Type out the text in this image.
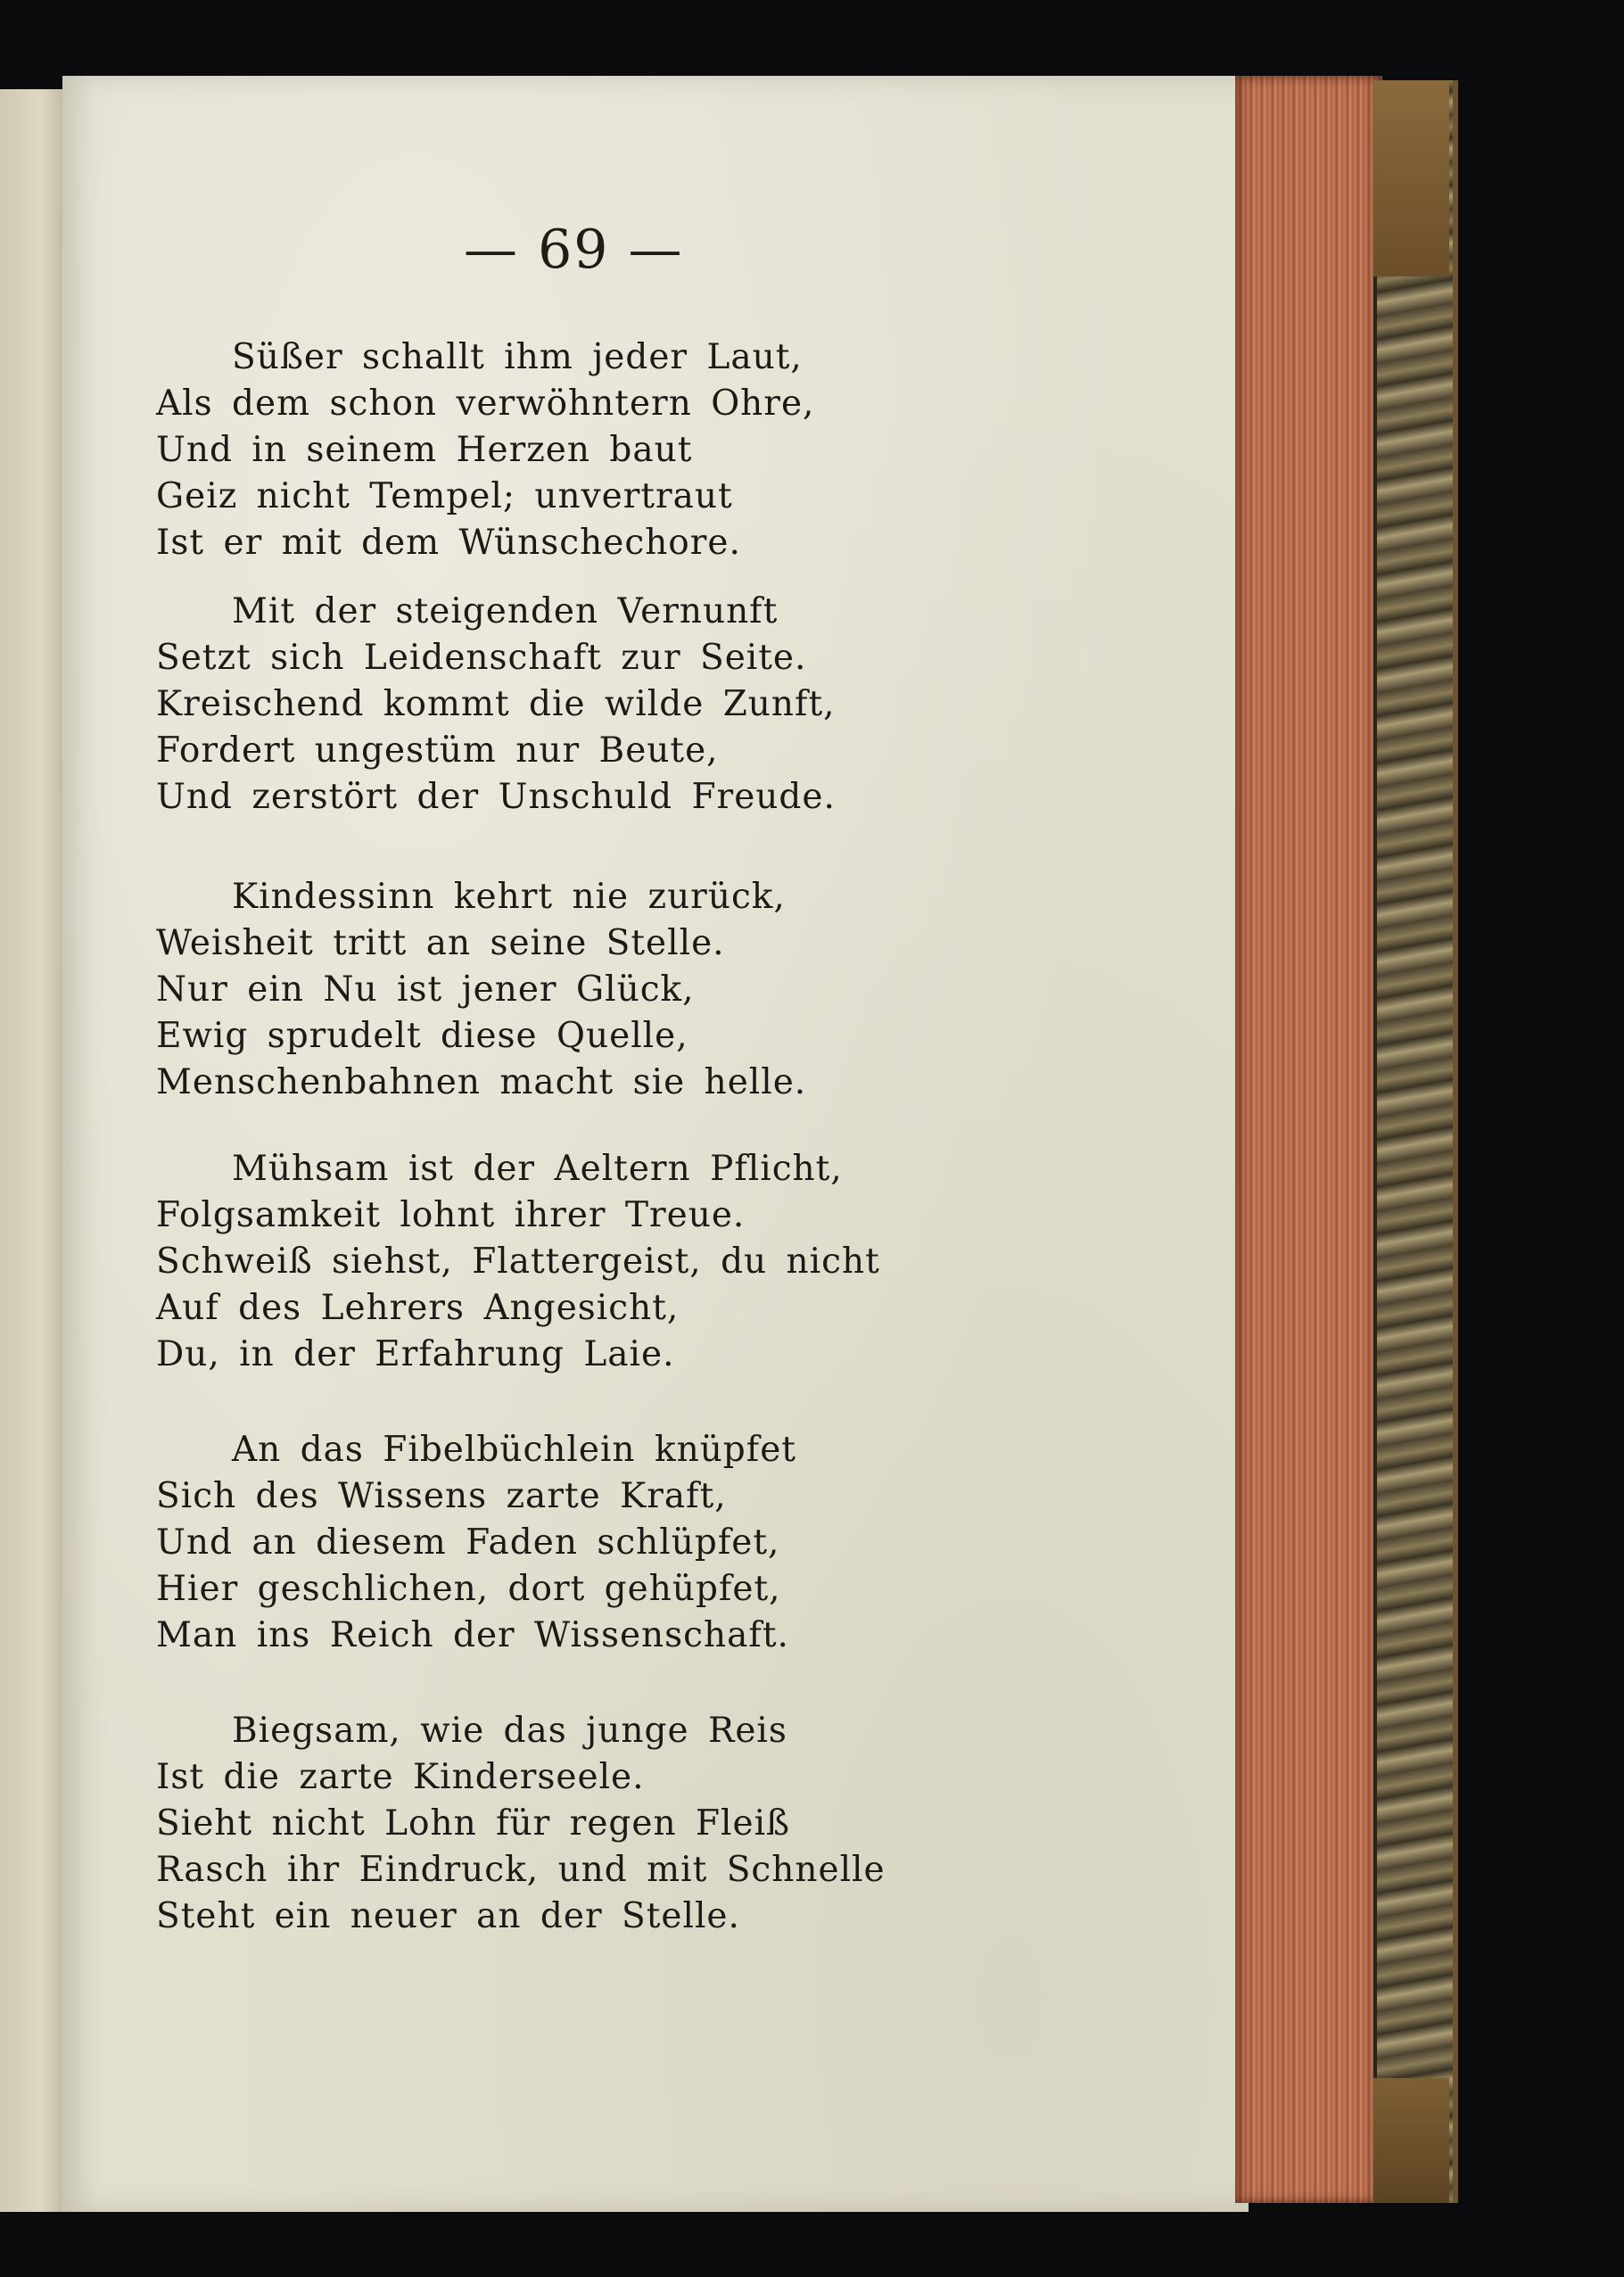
— 69 —
Süßer schallt ihm jeder Laut,
Als dem schon verwöhntern Ohre,
Und in seinem Herzen baut
Geiz nicht Tempel; unvertraut
Ist er mit dem Wünschechore.
Mit der steigenden Vernunft
Setzt sich Leidenschaft zur Seite.
Kreischend kommt die wilde Zunft,
Fordert ungestüm nur Beute,
Und zerstört der Unschuld Freude.
Kindessinn kehrt nie zurück,
Weisheit tritt an seine Stelle.
Nur ein Nu ist jener Glück,
Ewig sprudelt diese Quelle,
Menschenbahnen macht sie helle.
Mühsam ist der Aeltern Pflicht,
Folgsamkeit lohnt ihrer Treue.
Schweiß siehst, Flattergeist, du nicht
Auf des Lehrers Angesicht,
Du, in der Erfahrung Laie.
An das Fibelbüchlein knüpfet
Sich des Wissens zarte Kraft,
Und an diesem Faden schlüpfet,
Hier geschlichen, dort gehüpfet,
Man ins Reich der Wissenschaft.
Biegsam, wie das junge Reis
Ist die zarte Kinderseele.
Sieht nicht Lohn für regen Fleiß
Rasch ihr Eindruck, und mit Schnelle
Steht ein neuer an der Stelle.
